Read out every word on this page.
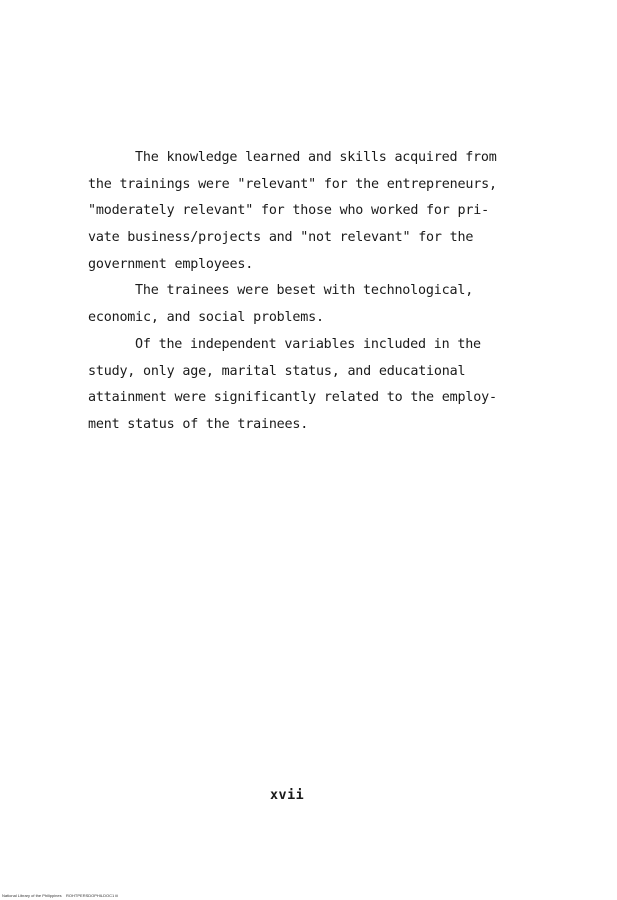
The knowledge learned and skills acquired from
the trainings were "relevant" for the entrepreneurs,
"moderately relevant" for those who worked for pri-
vate business/projects and "not relevant" for the
government employees.
The trainees were beset with technological,
economic, and social problems.
Of the independent variables included in the
study, only age, marital status, and educational
attainment were significantly related to the employ-
ment status of the trainees.
xvii
National Library of the Philippines    ROHTPERSDOPHILDOC1 iii
